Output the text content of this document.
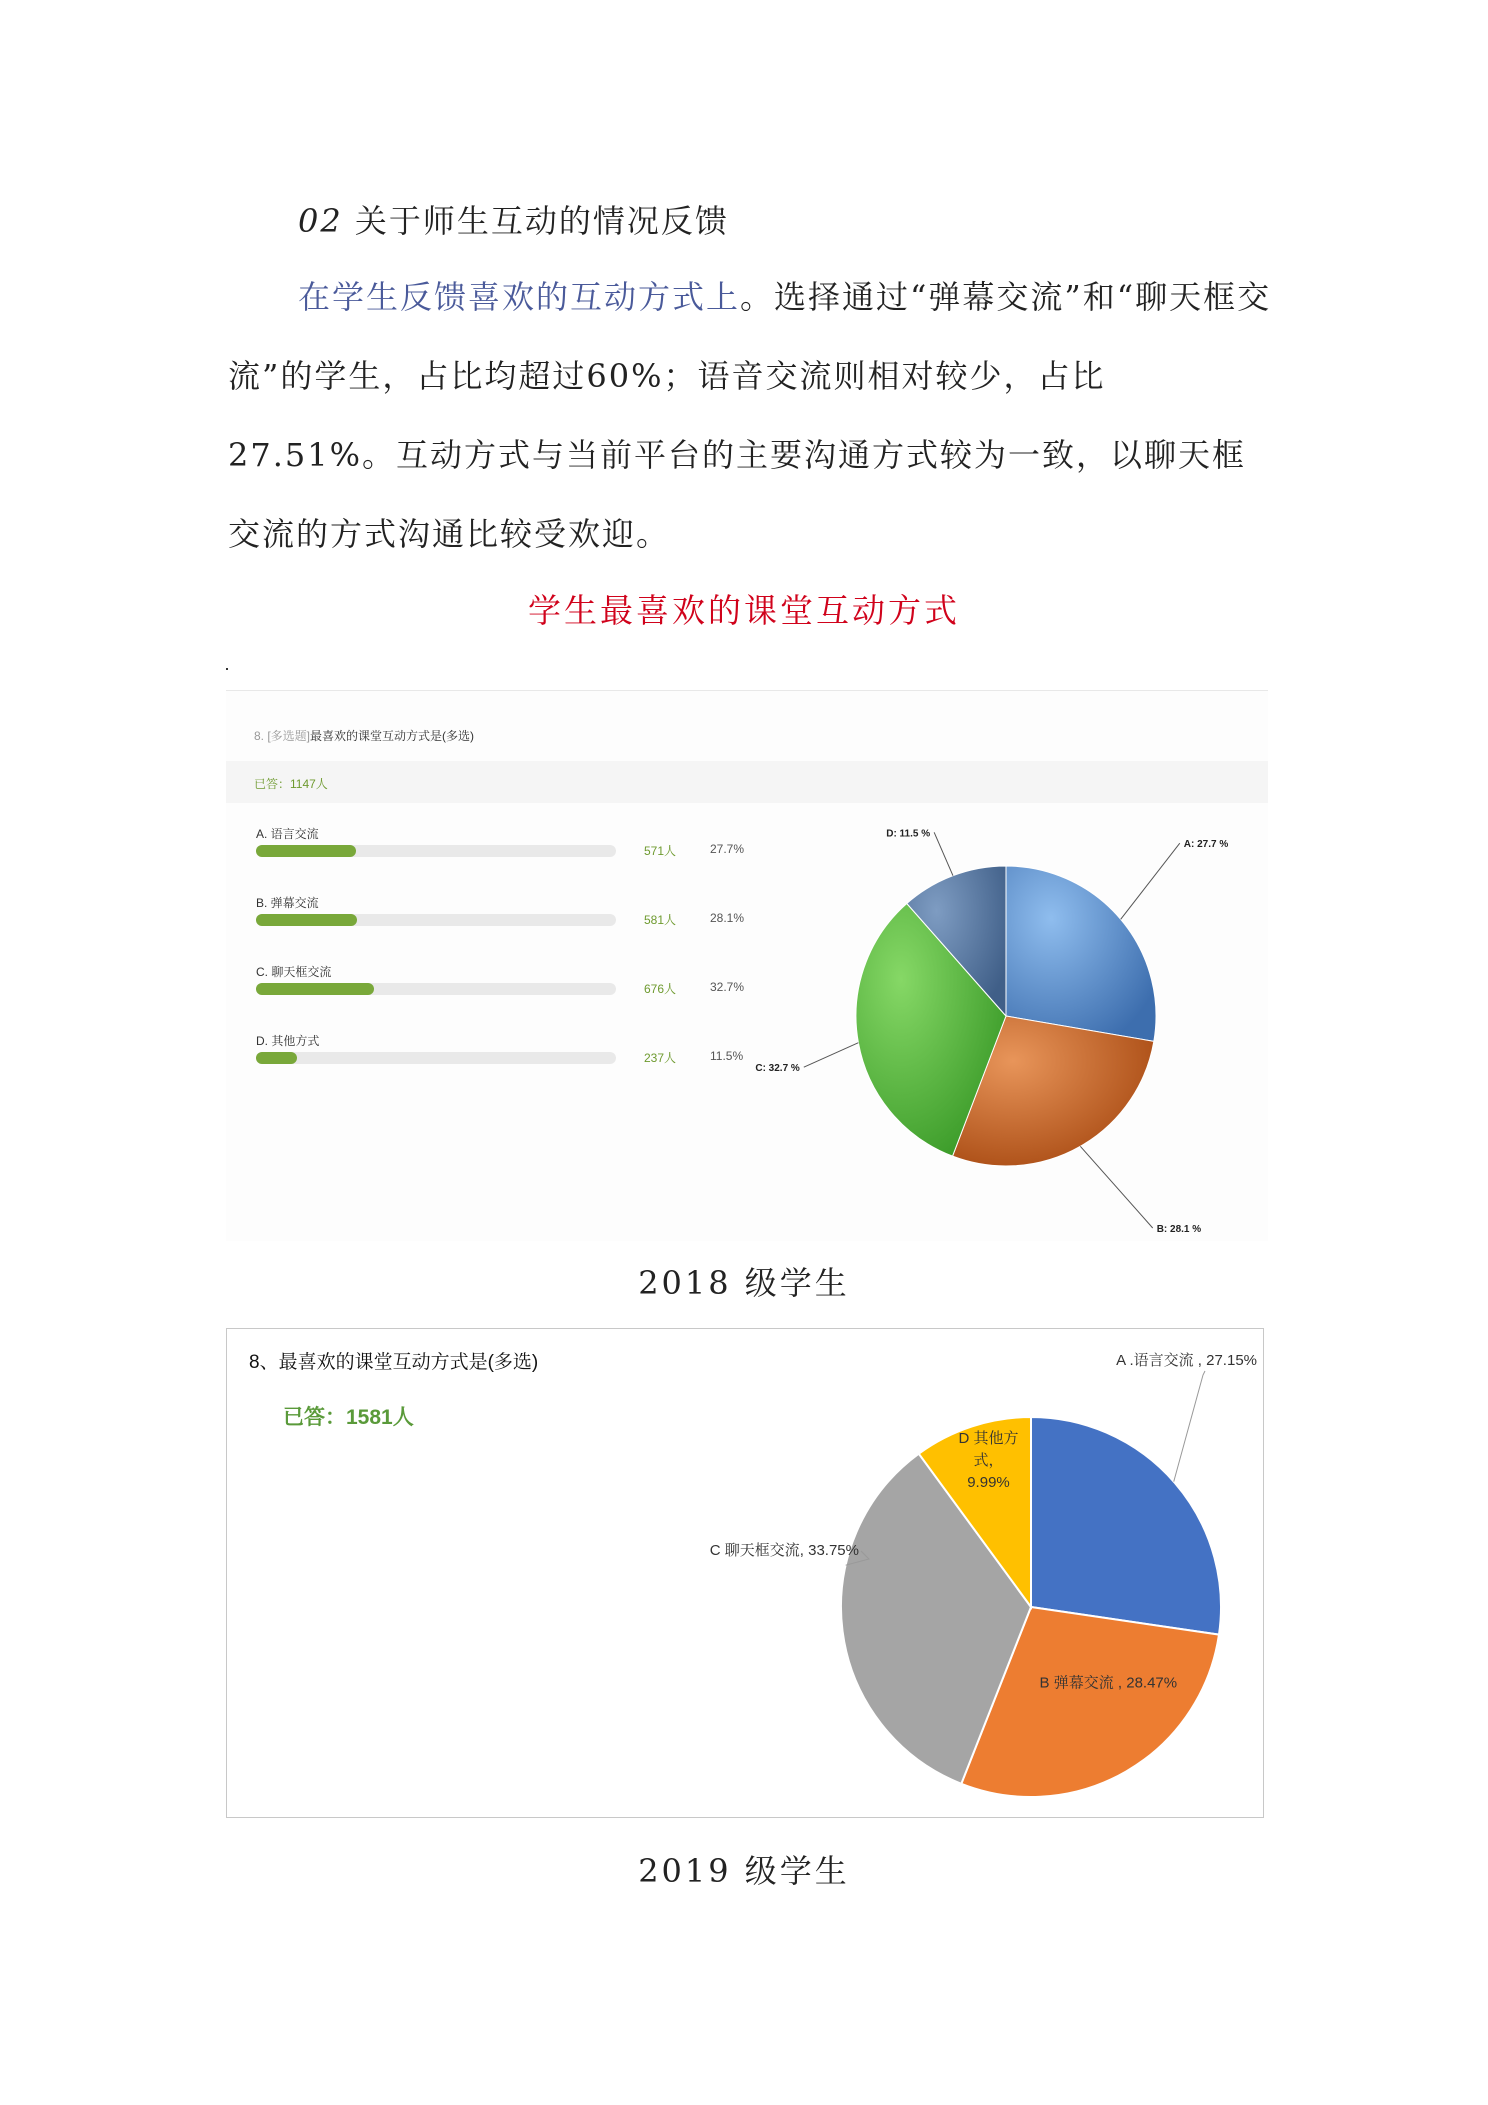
02 关于师生互动的情况反馈
在学生反馈喜欢的互动方式上。选择通过“弹幕交流”和“聊天框交流”的学生，占比均超过60%；语音交流则相对较少，占比 27.51%。互动方式与当前平台的主要沟通方式较为一致，以聊天框交流的方式沟通比较受欢迎。
学生最喜欢的课堂互动方式
8. [多选题]最喜欢的课堂互动方式是(多选)
已答：1147人
A. 语言交流
571人	27.7%
B. 弹幕交流
581人	28.1%
C. 聊天框交流
676人	32.7%
D. 其他方式
237人	11.5%
A: 27.7 %
B: 28.1 %
C: 32.7 %
D: 11.5 %
2018 级学生
8、最喜欢的课堂互动方式是(多选)
已答：1581人
A .语言交流 , 27.15%
B 弹幕交流 , 28.47%
C 聊天框交流, 33.75%
D 其他方式， 9.99%
2019 级学生
